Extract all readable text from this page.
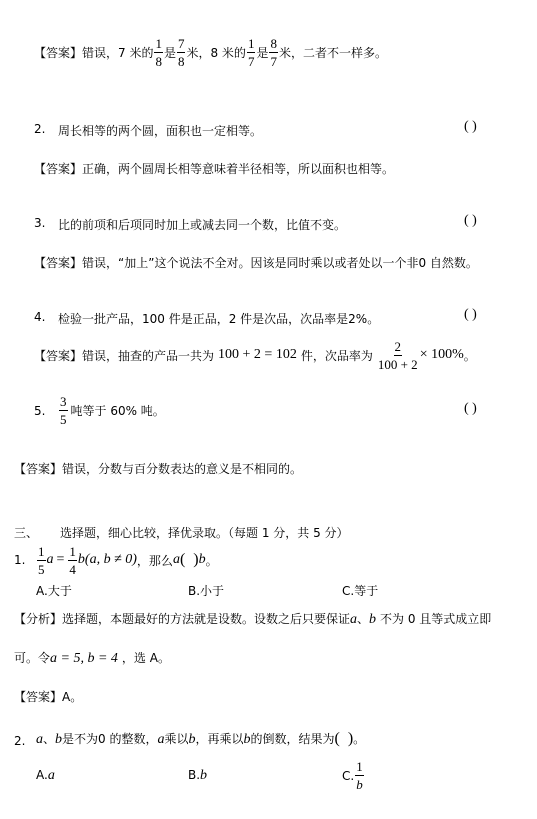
【答案】 错误，7 米的 $\frac{1}{8}$ 是 $\frac{7}{8}$ 米，8 米的 $\frac{1}{7}$ 是 $\frac{8}{7}$ 米，二者不一样多。
2. 周长相等的两个圆，面积也一定相等。	( )
【答案】正确，两个圆周长相等意味着半径相等，所以面积也相等。
3. 比的前项和后项同时加上或减去同一个数，比值不变。	( )
【答案】错误，“加上”这个说法不全对。因该是同时乘以或者处以一个非0 自然数。
4. 检验一批产品，100 件是正品，2 件是次品，次品率是2%。	( )
【答案】 错误，抽查的产品一共为 100 + 2 = 102 件，次品率为 $\frac{2}{100 + 2} \times 100\%$ 。
5. $\frac{3}{5}$ 吨等于 60% 吨。	( )
【答案】错误，分数与百分数表达的意义是不相同的。
三、 选择题，细心比较，择优录取。（每题 1 分，共 5 分）
1. $\frac{1}{5}$ $a = \frac{1}{4} b(a$, b ≠ 0) ，那么 a (  ) b 。
A.大于	B.小于	C.等于
【分析】选择题，本题最好的方法就是设数。设数之后只要保证a、b 不为 0 且等式成立即
可。令a = 5, b = 4 ，选 A。
【答案】A。
2. a、b是不为0 的整数，a乘以b，再乘以b的倒数，结果为(  )。
A.a	B.b	C. $\frac{1}{b}$
